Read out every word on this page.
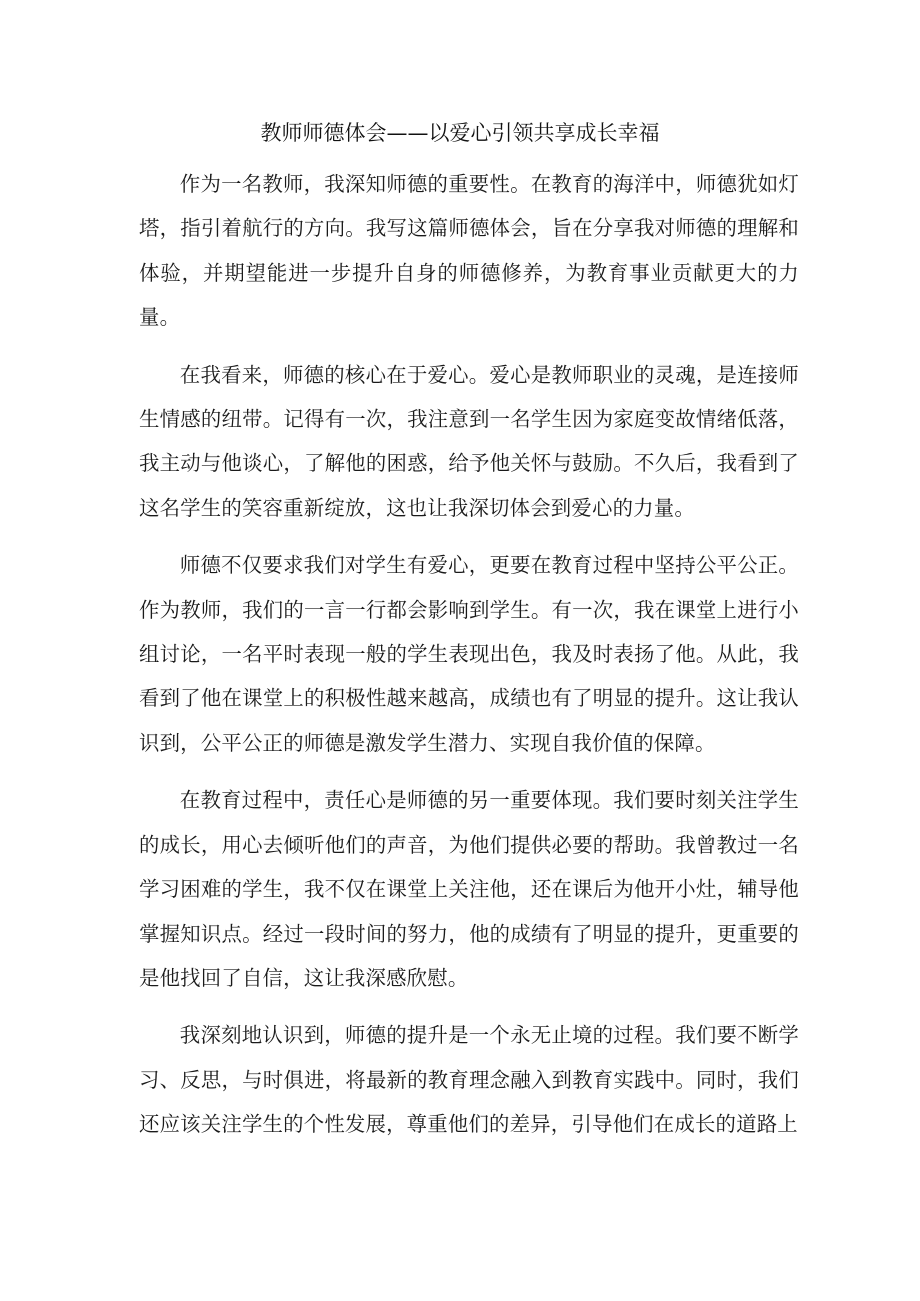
教师师德体会——以爱心引领共享成长幸福

作为一名教师，我深知师德的重要性。在教育的海洋中，师德犹如灯塔，指引着航行的方向。我写这篇师德体会，旨在分享我对师德的理解和体验，并期望能进一步提升自身的师德修养，为教育事业贡献更大的力量。

在我看来，师德的核心在于爱心。爱心是教师职业的灵魂，是连接师生情感的纽带。记得有一次，我注意到一名学生因为家庭变故情绪低落，我主动与他谈心，了解他的困惑，给予他关怀与鼓励。不久后，我看到了这名学生的笑容重新绽放，这也让我深切体会到爱心的力量。

师德不仅要求我们对学生有爱心，更要在教育过程中坚持公平公正。作为教师，我们的一言一行都会影响到学生。有一次，我在课堂上进行小组讨论，一名平时表现一般的学生表现出色，我及时表扬了他。从此，我看到了他在课堂上的积极性越来越高，成绩也有了明显的提升。这让我认识到，公平公正的师德是激发学生潜力、实现自我价值的保障。

在教育过程中，责任心是师德的另一重要体现。我们要时刻关注学生的成长，用心去倾听他们的声音，为他们提供必要的帮助。我曾教过一名学习困难的学生，我不仅在课堂上关注他，还在课后为他开小灶，辅导他掌握知识点。经过一段时间的努力，他的成绩有了明显的提升，更重要的是他找回了自信，这让我深感欣慰。

我深刻地认识到，师德的提升是一个永无止境的过程。我们要不断学习、反思，与时俱进，将最新的教育理念融入到教育实践中。同时，我们还应该关注学生的个性发展，尊重他们的差异，引导他们在成长的道路上
